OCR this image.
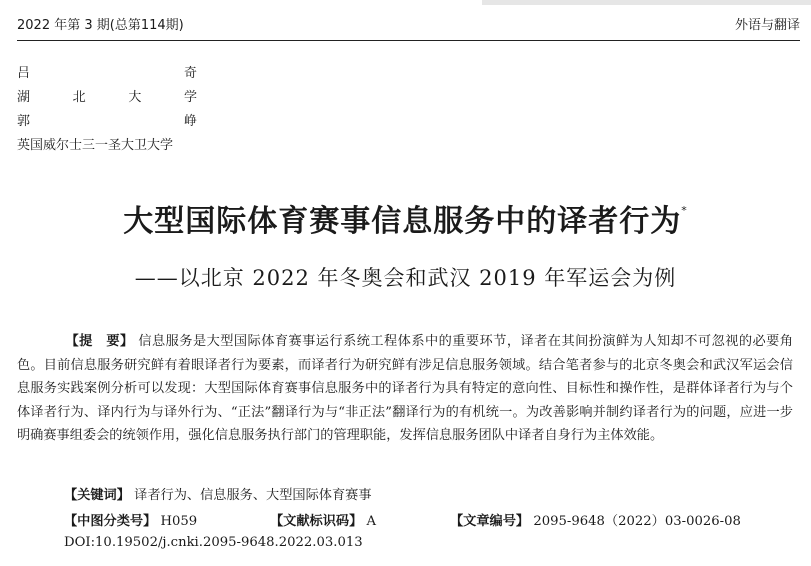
2022 年第 3 期(总第114期)	外语与翻译
吕	奇
湖	北	大	学
郭	峥
英国威尔士三一圣大卫大学
大型国际体育赛事信息服务中的译者行为*
——以北京 2022 年冬奥会和武汉 2019 年军运会为例
【提　要】 信息服务是大型国际体育赛事运行系统工程体系中的重要环节，译者在其间扮演鲜为人知却不可忽视的必要角色。目前信息服务研究鲜有着眼译者行为要素，而译者行为研究鲜有涉足信息服务领域。结合笔者参与的北京冬奥会和武汉军运会信息服务实践案例分析可以发现：大型国际体育赛事信息服务中的译者行为具有特定的意向性、目标性和操作性，是群体译者行为与个体译者行为、译内行为与译外行为、“正法”翻译行为与“非正法”翻译行为的有机统一。为改善影响并制约译者行为的问题，应进一步明确赛事组委会的统领作用，强化信息服务执行部门的管理职能，发挥信息服务团队中译者自身行为主体效能。
【关键词】 译者行为、信息服务、大型国际体育赛事
【中图分类号】 H059	【文献标识码】 A	【文章编号】 2095-9648（2022）03-0026-08
DOI:10.19502/j.cnki.2095-9648.2022.03.013
